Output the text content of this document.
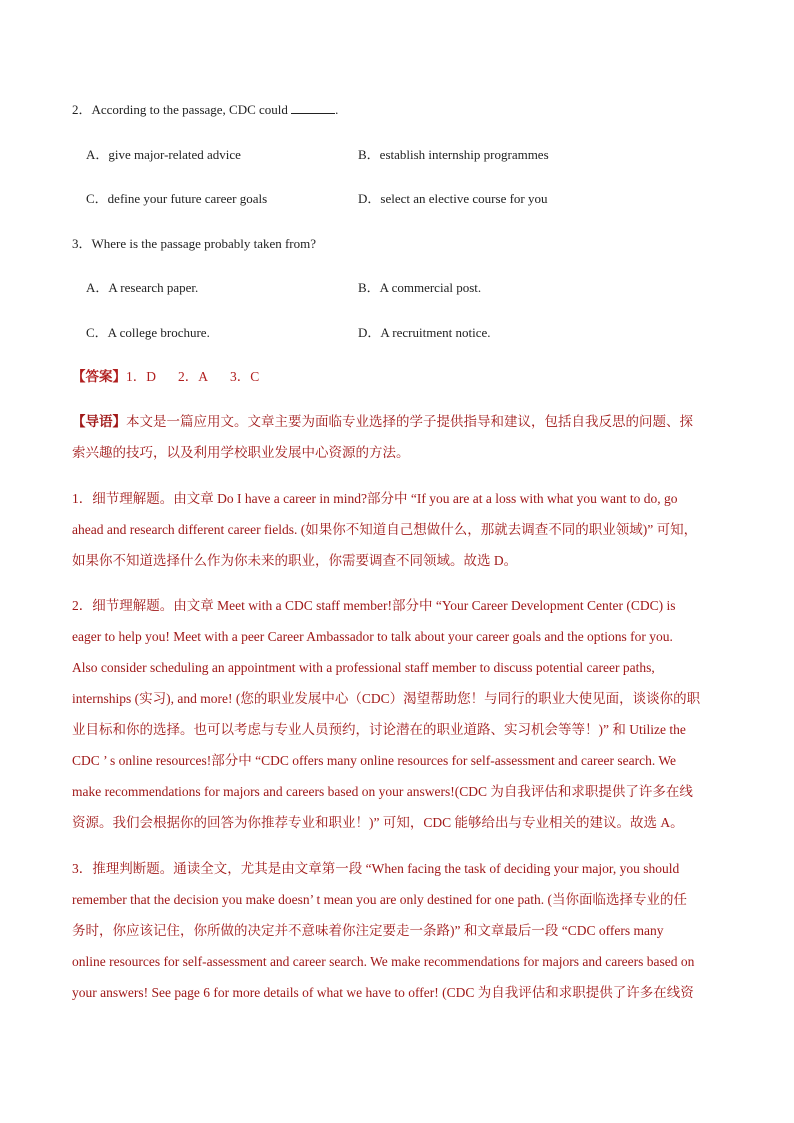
2．According to the passage, CDC could	.
A．give major-related advice	B．establish internship programmes
C．define your future career goals	D．select an elective course for you
3．Where is the passage probably taken from?
A．A research paper.	B．A commercial post.
C．A college brochure.	D．A recruitment notice.
【答案】1．D 2．A 3．C
【导语】本文是一篇应用文。文章主要为面临专业选择的学子提供指导和建议，包括自我反思的问题、探
索兴趣的技巧，以及利用学校职业发展中心资源的方法。
1．细节理解题。由文章 Do I have a career in mind?部分中 “If you are at a loss with what you want to do, go
ahead and research different career fields. (如果你不知道自己想做什么，那就去调查不同的职业领域)” 可知，
如果你不知道选择什么作为你未来的职业，你需要调查不同领域。故选 D。
2．细节理解题。由文章 Meet with a CDC staff member!部分中 “Your Career Development Center (CDC) is
eager to help you! Meet with a peer Career Ambassador to talk about your career goals and the options for you.
Also consider scheduling an appointment with a professional staff member to discuss potential career paths,
internships (实习), and more! (您的职业发展中心（CDC）渴望帮助您！与同行的职业大使见面，谈谈你的职
业目标和你的选择。也可以考虑与专业人员预约，讨论潜在的职业道路、实习机会等等！)” 和 Utilize the
CDC ’ s online resources!部分中 “CDC offers many online resources for self-assessment and career search. We
make recommendations for majors and careers based on your answers!(CDC 为自我评估和求职提供了许多在线
资源。我们会根据你的回答为你推荐专业和职业！)” 可知，CDC 能够给出与专业相关的建议。故选 A。
3．推理判断题。通读全文，尤其是由文章第一段 “When facing the task of deciding your major, you should
remember that the decision you make doesn’ t mean you are only destined for one path. (当你面临选择专业的任
务时，你应该记住，你所做的决定并不意味着你注定要走一条路)” 和文章最后一段 “CDC offers many
online resources for self-assessment and career search. We make recommendations for majors and careers based on
your answers! See page 6 for more details of what we have to offer! (CDC 为自我评估和求职提供了许多在线资
